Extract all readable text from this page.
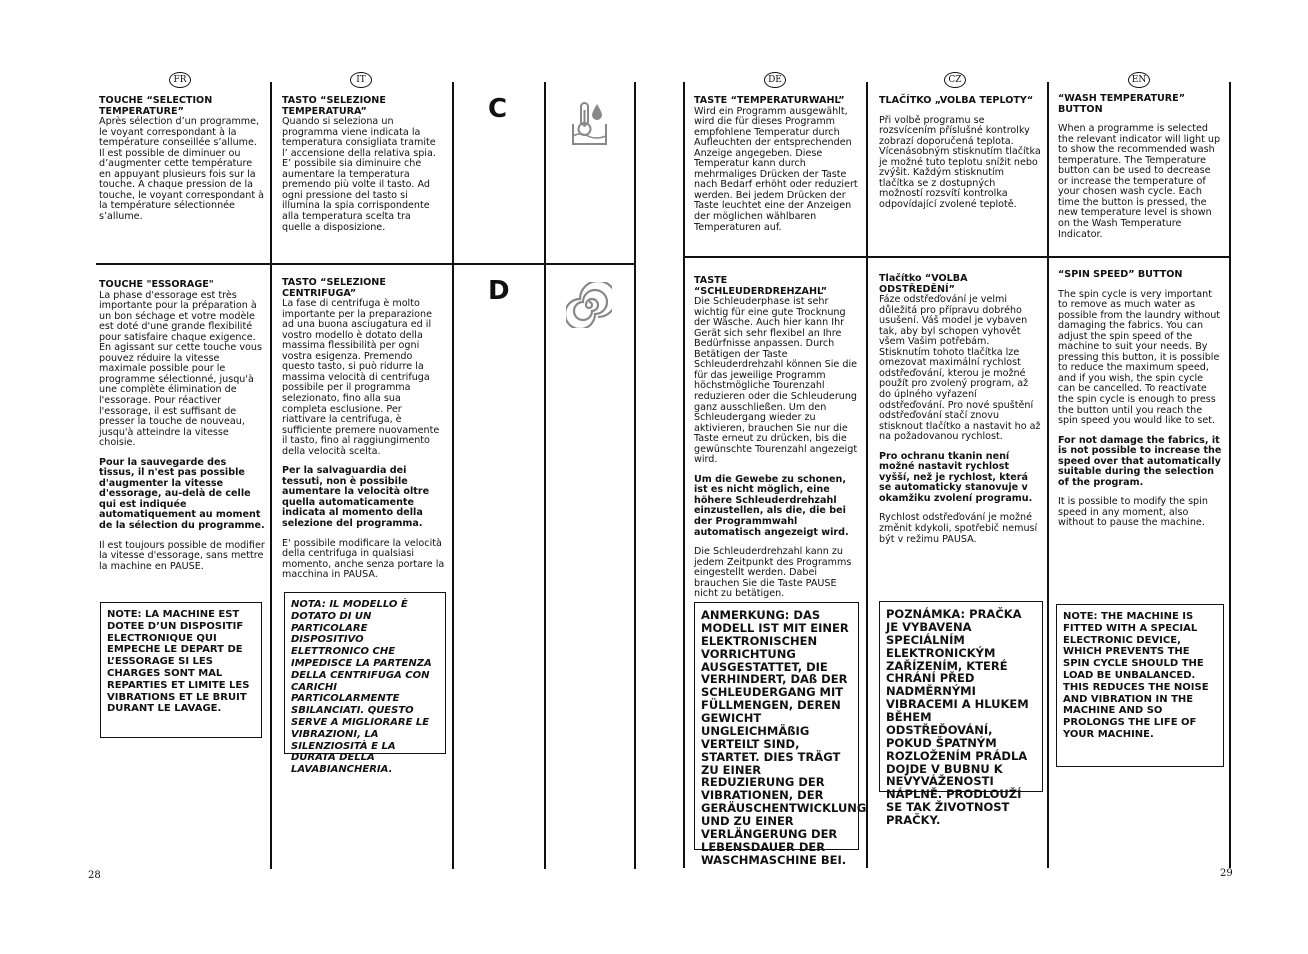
FR	IT
TOUCHE “SELECTION TEMPERATURE”
Après sélection d’un programme, le voyant correspondant à la température conseillée s’allume. Il est possible de diminuer ou d’augmenter cette température en appuyant plusieurs fois sur la touche. A chaque pression de la touche, le voyant correspondant à la température sélectionnée s’allume.
TASTO “SELEZIONE TEMPERATURA”
Quando si seleziona un programma viene indicata la temperatura consigliata tramite l’ accensione della relativa spia. E’ possibile sia diminuire che aumentare la temperatura premendo più volte il tasto. Ad ogni pressione del tasto si illumina la spia corrispondente alla temperatura scelta tra quelle a disposizione.
C
TOUCHE "ESSORAGE"

La phase d'essorage est très importante pour la préparation à un bon séchage et votre modèle est doté d'une grande flexibilité pour satisfaire chaque exigence. En agissant sur cette touche vous pouvez réduire la vitesse maximale possible pour le programme sélectionné, jusqu'à une complète élimination de l'essorage. Pour réactiver l'essorage, il est suffisant de presser la touche de nouveau, jusqu'à atteindre la vitesse choisie.

Pour la sauvegarde des tissus, il n'est pas possible d'augmenter la vitesse d'essorage, au-delà de celle qui est indiquée automatiquement au moment de la sélection du programme.

Il est toujours possible de modifier la vitesse d'essorage, sans mettre la machine en PAUSE.

NOTE: LA MACHINE EST DOTEE D’UN DISPOSITIF ELECTRONIQUE QUI EMPECHE LE DEPART DE L’ESSORAGE SI LES CHARGES SONT MAL REPARTIES ET LIMITE LES VIBRATIONS ET LE BRUIT DURANT LE LAVAGE.
TASTO “SELEZIONE CENTRIFUGA”

La fase di centrifuga è molto importante per la preparazione ad una buona asciugatura ed il vostro modello è dotato della massima flessibilità per ogni vostra esigenza. Premendo questo tasto, si può ridurre la massima velocità di centrifuga possibile per il programma selezionato, fino alla sua completa esclusione. Per riattivare la centrifuga, è sufficiente premere nuovamente il tasto, fino al raggiungimento della velocità scelta.

Per la salvaguardia dei tessuti, non è possibile aumentare la velocità oltre quella automaticamente indicata al momento della selezione del programma.

E' possibile modificare la velocità della centrifuga in qualsiasi momento, anche senza portare la macchina in PAUSA.

NOTA: IL MODELLO È DOTATO DI UN PARTICOLARE DISPOSITIVO ELETTRONICO CHE IMPEDISCE LA PARTENZA DELLA CENTRIFUGA CON CARICHI PARTICOLARMENTE SBILANCIATI. QUESTO SERVE A MIGLIORARE LE VIBRAZIONI, LA SILENZIOSITÀ E LA DURATA DELLA LAVABIANCHERIA.
D
28
DE	CZ	EN
TASTE “TEMPERATURWAHL”
Wird ein Programm ausgewählt, wird die für dieses Programm empfohlene Temperatur durch Aufleuchten der entsprechenden Anzeige angegeben. Diese Temperatur kann durch mehrmaliges Drücken der Taste nach Bedarf erhöht oder reduziert werden. Bei jedem Drücken der Taste leuchtet eine der Anzeigen der möglichen wählbaren Temperaturen auf.

TLAČÍTKO „VOLBA TEPLOTY“

Při volbě programu se rozsvícením příslušné kontrolky zobrazí doporučená teplota. Vícenásobným stisknutím tlačítka je možné tuto teplotu snížit nebo zvýšit. Každým stisknutím tlačítka se z dostupných možností rozsvítí kontrolka odpovídající zvolené teplotě.

“WASH TEMPERATURE” BUTTON

When a programme is selected the relevant indicator will light up to show the recommended wash temperature. The Temperature button can be used to decrease or increase the temperature of your chosen wash cycle. Each time the button is pressed, the new temperature level is shown on the Wash Temperature Indicator.
TASTE “SCHLEUDERDREHZAHL”

Die Schleuderphase ist sehr wichtig für eine gute Trocknung der Wäsche. Auch hier kann Ihr Gerät sich sehr flexibel an Ihre Bedürfnisse anpassen. Durch Betätigen der Taste Schleuderdrehzahl können Sie die für das jeweilige Programm höchstmögliche Tourenzahl reduzieren oder die Schleuderung ganz ausschließen. Um den Schleudergang wieder zu aktivieren, brauchen Sie nur die Taste erneut zu drücken, bis die gewünschte Tourenzahl angezeigt wird.

Um die Gewebe zu schonen, ist es nicht möglich, eine höhere Schleuderdrehzahl einzustellen, als die, die bei der Programmwahl automatisch angezeigt wird.

Die Schleuderdrehzahl kann zu jedem Zeitpunkt des Programms eingestellt werden. Dabei brauchen Sie die Taste PAUSE nicht zu betätigen.

ANMERKUNG: DAS MODELL IST MIT EINER ELEKTRONISCHEN VORRICHTUNG AUSGESTATTET, DIE VERHINDERT, DAß DER SCHLEUDERGANG MIT FÜLLMENGEN, DEREN GEWICHT UNGLEICHMÄßIG VERTEILT SIND, STARTET. DIES TRÄGT ZU EINER REDUZIERUNG DER VIBRATIONEN, DER GERÄUSCHENTWICKLUNG UND ZU EINER VERLÄNGERUNG DER LEBENSDAUER DER WASCHMASCHINE BEI.
Tlačítko “VOLBA ODSTŘEDĚNÍ”

Fáze odstřeďování je velmi důležitá pro přípravu dobrého usušení. Váš model je vybaven tak, aby byl schopen vyhovět všem Vašim potřebám. Stisknutím tohoto tlačítka lze omezovat maximální rychlost odstřeďování, kterou je možné použít pro zvolený program, až do úplného vyřazení odstřeďování. Pro nové spuštění odstřeďování stačí znovu stisknout tlačítko a nastavit ho až na požadovanou rychlost.

Pro ochranu tkanin není možné nastavit rychlost vyšší, než je rychlost, která se automaticky stanovuje v okamžiku zvolení programu.

Rychlost odstřeďování je možné změnit kdykoli, spotřebič nemusí být v režimu PAUSA.

POZNÁMKA: PRAČKA JE VYBAVENA SPECIÁLNÍM ELEKTRONICKÝM ZAŘÍZENÍM, KTERÉ CHRÁNÍ PŘED NADMĚRNÝMI VIBRACEMI A HLUKEM BĚHEM ODSTŘEĎOVÁNÍ, POKUD ŠPATNÝM ROZLOŽENÍM PRÁDLA DOJDE V BUBNU K NEVYVÁŽENOSTI NÁPLNĚ. PRODLOUŽÍ SE TAK ŽIVOTNOST PRAČKY.

“SPIN SPEED” BUTTON

The spin cycle is very important to remove as much water as possible from the laundry without damaging the fabrics. You can adjust the spin speed of the machine to suit your needs. By pressing this button, it is possible to reduce the maximum speed, and if you wish, the spin cycle can be cancelled. To reactivate the spin cycle is enough to press the button until you reach the spin speed you would like to set.

For not damage the fabrics, it is not possible to increase the speed over that automatically suitable during the selection of the program.

It is possible to modify the spin speed in any moment, also without to pause the machine.

NOTE: THE MACHINE IS FITTED WITH A SPECIAL ELECTRONIC DEVICE, WHICH PREVENTS THE SPIN CYCLE SHOULD THE LOAD BE UNBALANCED. THIS REDUCES THE NOISE AND VIBRATION IN THE MACHINE AND SO PROLONGS THE LIFE OF YOUR MACHINE.
29
